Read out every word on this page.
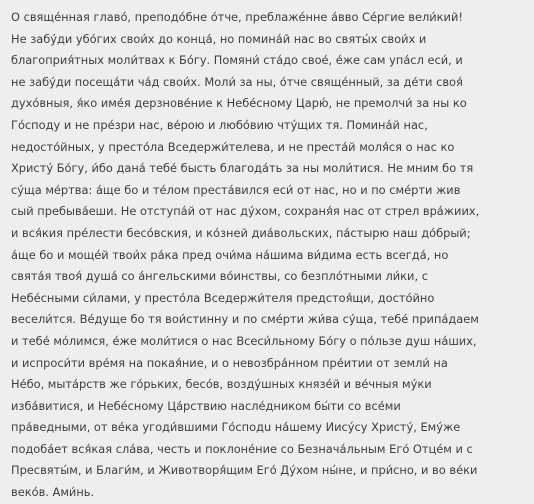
О свяще́нная главо́, преподо́бне о́тче, преблаже́нне а́вво Се́ргие вели́кий!
Не забу́ди убо́гих свои́х до конца́, но помина́й нас во святы́х свои́х и
благоприя́тных моли́твах к Бо́гу. Помяни́ ста́до свое́, е́же сам упа́сл еси́, и
не забу́ди посеща́ти ча́д свои́х. Моли́ за ны, о́тче свяще́нный, за де́ти своя́
духо́вныя, я́ко име́я дерзнове́ние к Небе́сному Царю́, не премолчи́ за ны ко
Го́споду и не пре́зри нас, ве́рою и любо́вию чту́щих тя. Помина́й нас,
недосто́йных, у престо́ла Вседержи́телева, и не преста́й моля́ся о нас ко
Христу́ Бо́гу, и́бо дана́ тебе́ бысть благода́ть за ны моли́тися. Не мним бо тя
су́ща ме́ртва: а́ще бо и те́лом преста́вился еси́ от нас, но и по сме́рти жив
сый пребыва́еши. Не отступа́й от нас ду́хом, сохраня́я нас от стрел вра́жиих,
и вся́кия пре́лести бесо́вския, и ко́зней диа́вольских, па́стырю наш до́брый;
а́ще бо и моще́й твои́х ра́ка пред очи́ма на́шима ви́дима есть всегда́, но
свята́я твоя́ душа́ со а́нгельскими во́инствы, со безпло́тными ли́ки, с
Небе́сными си́лами, у престо́ла Вседержи́теля предстоя́щи, досто́йно
весели́тся. Ве́дуще бо тя вои́стинну и по сме́рти жи́ва су́ща, тебе́ припа́даем
и тебе́ мо́лимся, е́же моли́тися о нас Всеси́льному Бо́гу о по́льзе душ на́ших,
и испроси́ти вре́мя на покая́ние, и о невозбра́нном пре́итии от земли́ на
Не́бо, мыта́рств же го́рьких, бесо́в, возду́шных князе́й и ве́чныя му́ки
изба́витися, и Небе́сному Ца́рствию насле́дником бы́ти со все́ми
пра́ведными, от ве́ка угоди́вшими Го́сподu на́шему Иису́су Христу́, Ему́же
подоба́ет вся́кая сла́ва, честь и поклоне́ние со Безнача́льным Его́ Отце́м и с
Пресвяты́м, и Благи́м, и Животворя́щим Его́ Ду́хом ны́не, и при́сно, и во ве́ки
веко́в. Ами́нь.
